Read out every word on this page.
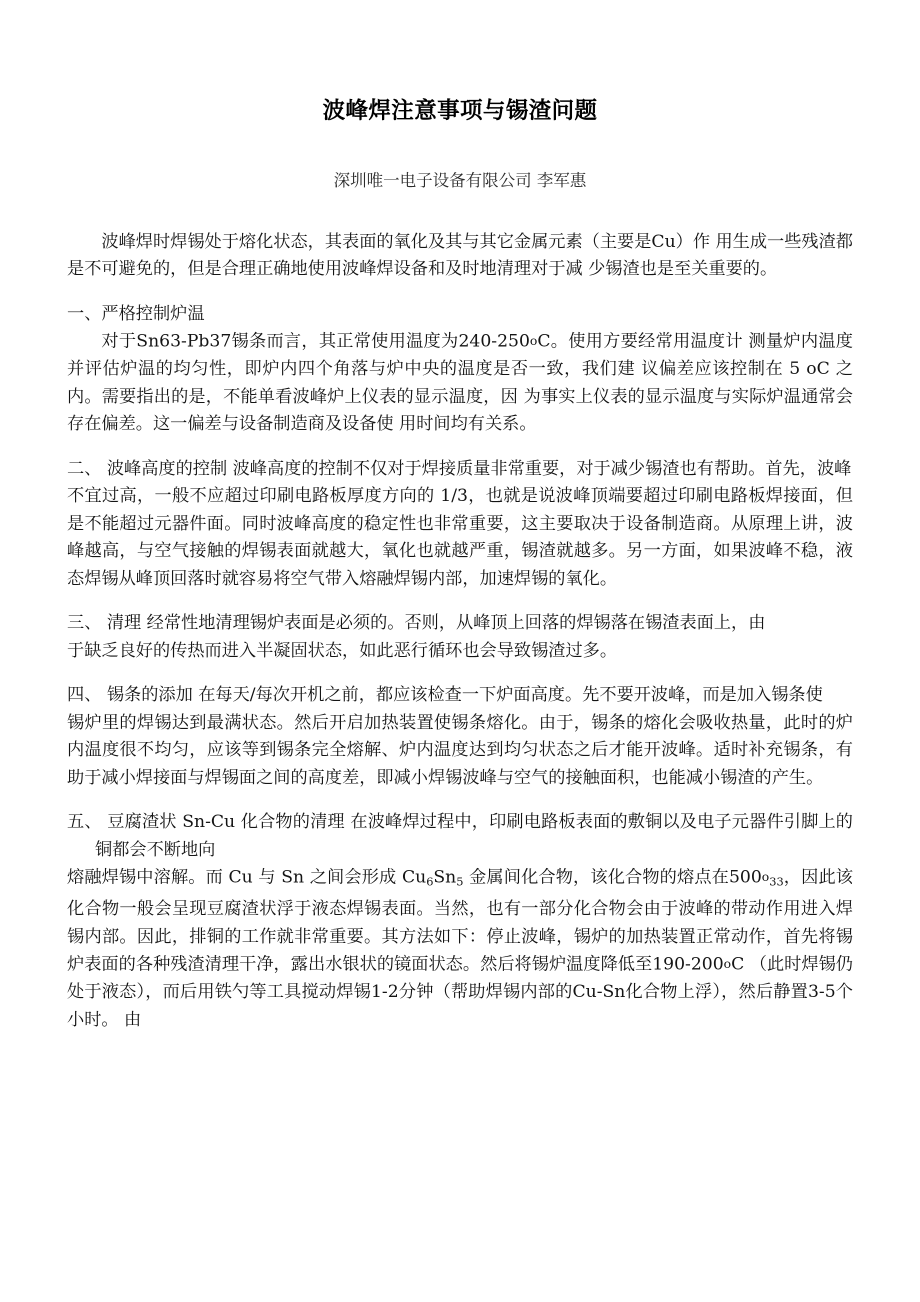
波峰焊注意事项与锡渣问题

深圳唯一电子设备有限公司 李军惠

波峰焊时焊锡处于熔化状态，其表面的氧化及其与其它金属元素（主要是Cu）作 用生成一些残渣都是不可避免的，但是合理正确地使用波峰焊设备和及时地清理对于减 少锡渣也是至关重要的。

一、严格控制炉温

对于Sn63-Pb37锡条而言，其正常使用温度为240-250oC。使用方要经常用温度计 测量炉内温度并评估炉温的均匀性，即炉内四个角落与炉中央的温度是否一致，我们建 议偏差应该控制在 5 oC 之内。需要指出的是，不能单看波峰炉上仪表的显示温度，因 为事实上仪表的显示温度与实际炉温通常会存在偏差。这一偏差与设备制造商及设备使 用时间均有关系。

二、 波峰高度的控制 波峰高度的控制不仅对于焊接质量非常重要，对于减少锡渣也有帮助。首先，波峰

不宜过高，一般不应超过印刷电路板厚度方向的 1/3，也就是说波峰顶端要超过印刷电路板焊接面，但是不能超过元器件面。同时波峰高度的稳定性也非常重要，这主要取决于设备制造商。从原理上讲，波峰越高，与空气接触的焊锡表面就越大，氧化也就越严重，锡渣就越多。另一方面，如果波峰不稳，液态焊锡从峰顶回落时就容易将空气带入熔融焊锡内部，加速焊锡的氧化。

三、 清理 经常性地清理锡炉表面是必须的。否则，从峰顶上回落的焊锡落在锡渣表面上，由

于缺乏良好的传热而进入半凝固状态，如此恶行循环也会导致锡渣过多。

四、 锡条的添加 在每天/每次开机之前，都应该检查一下炉面高度。先不要开波峰，而是加入锡条使

锡炉里的焊锡达到最满状态。然后开启加热装置使锡条熔化。由于，锡条的熔化会吸收热量，此时的炉内温度很不均匀，应该等到锡条完全熔解、炉内温度达到均匀状态之后才能开波峰。适时补充锡条，有助于减小焊接面与焊锡面之间的高度差，即减小焊锡波峰与空气的接触面积，也能减小锡渣的产生。

五、 豆腐渣状 Sn-Cu 化合物的清理 在波峰焊过程中，印刷电路板表面的敷铜以及电子元器件引脚上的铜都会不断地向

熔融焊锡中溶解。而 Cu 与 Sn 之间会形成 $Cu_6Sn_5$ 金属间化合物，该化合物的熔点在$500o_{33}$，因此该化合物一般会呈现豆腐渣状浮于液态焊锡表面。当然，也有一部分化合物会由于波峰的带动作用进入焊锡内部。因此，排铜的工作就非常重要。其方法如下：停止波峰，锡炉的加热装置正常动作，首先将锡炉表面的各种残渣清理干净，露出水银状的镜面状态。然后将锡炉温度降低至190-200oC （此时焊锡仍处于液态），而后用铁勺等工具搅动焊锡1-2分钟（帮助焊锡内部的Cu-Sn化合物上浮），然后静置3-5个小时。 由
